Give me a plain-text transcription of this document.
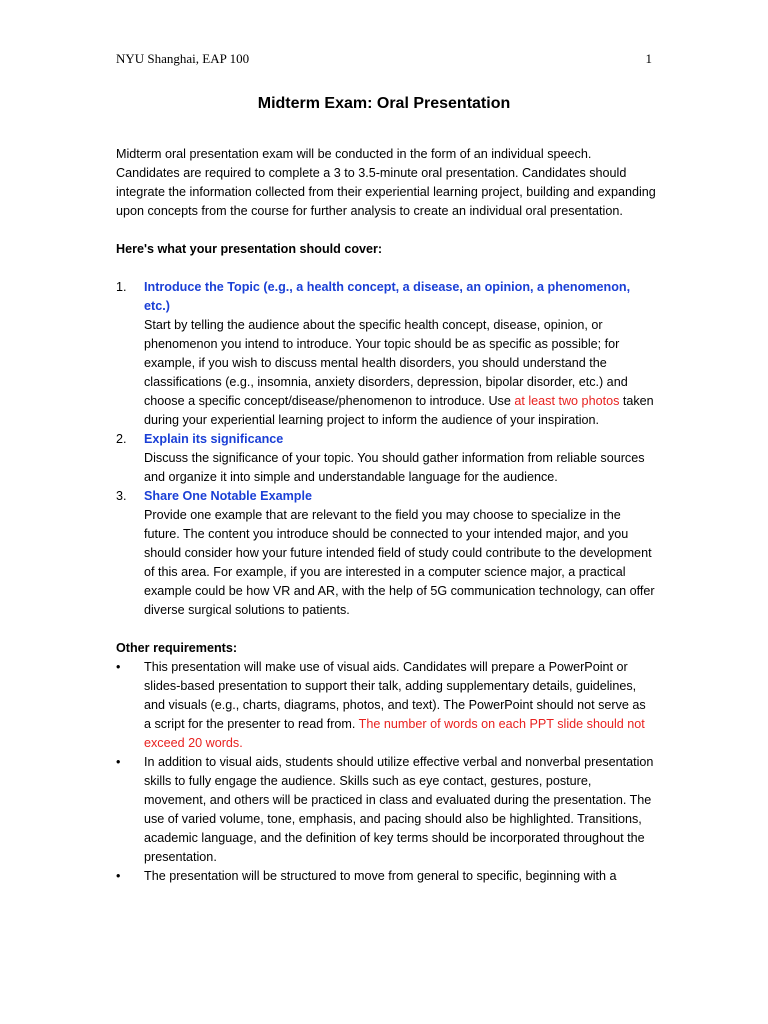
NYU Shanghai, EAP 100	1
Midterm Exam: Oral Presentation

Midterm oral presentation exam will be conducted in the form of an individual speech. Candidates are required to complete a 3 to 3.5-minute oral presentation. Candidates should integrate the information collected from their experiential learning project, building and expanding upon concepts from the course for further analysis to create an individual oral presentation.

Here's what your presentation should cover:

1. Introduce the Topic (e.g., a health concept, a disease, an opinion, a phenomenon, etc.)
Start by telling the audience about the specific health concept, disease, opinion, or phenomenon you intend to introduce. Your topic should be as specific as possible; for example, if you wish to discuss mental health disorders, you should understand the classifications (e.g., insomnia, anxiety disorders, depression, bipolar disorder, etc.) and choose a specific concept/disease/phenomenon to introduce. Use at least two photos taken during your experiential learning project to inform the audience of your inspiration.
2. Explain its significance
Discuss the significance of your topic. You should gather information from reliable sources and organize it into simple and understandable language for the audience.
3. Share One Notable Example
Provide one example that are relevant to the field you may choose to specialize in the future. The content you introduce should be connected to your intended major, and you should consider how your future intended field of study could contribute to the development of this area. For example, if you are interested in a computer science major, a practical example could be how VR and AR, with the help of 5G communication technology, can offer diverse surgical solutions to patients.

Other requirements:

• This presentation will make use of visual aids. Candidates will prepare a PowerPoint or slides-based presentation to support their talk, adding supplementary details, guidelines, and visuals (e.g., charts, diagrams, photos, and text). The PowerPoint should not serve as a script for the presenter to read from. The number of words on each PPT slide should not exceed 20 words.
• In addition to visual aids, students should utilize effective verbal and nonverbal presentation skills to fully engage the audience. Skills such as eye contact, gestures, posture, movement, and others will be practiced in class and evaluated during the presentation. The use of varied volume, tone, emphasis, and pacing should also be highlighted. Transitions, academic language, and the definition of key terms should be incorporated throughout the presentation.
• The presentation will be structured to move from general to specific, beginning with a
